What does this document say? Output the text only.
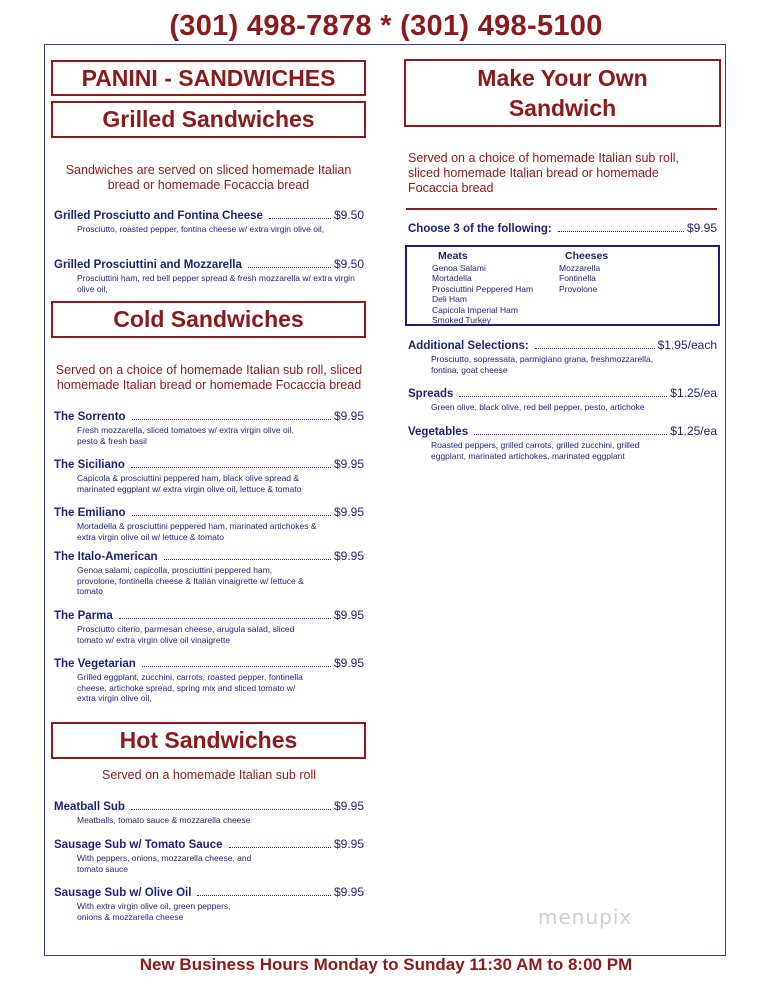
(301) 498-7878 * (301) 498-5100
PANINI - SANDWICHES
Grilled Sandwiches
Sandwiches are served on sliced homemade Italian bread or homemade Focaccia bread
Grilled Prosciutto and Fontina Cheese	$9.50
Prosciutto, roasted pepper, fontina cheese w/ extra virgin olive oil,
Grilled Prosciuttini and Mozzarella	$9.50
Prosciuttini ham, red bell pepper spread & fresh mozzarella w/ extra virgin olive oil,
Cold Sandwiches
Served on a choice of homemade Italian sub roll, sliced homemade Italian bread or homemade Focaccia bread
The Sorrento	$9.95
Fresh mozzarella, sliced tomatoes w/ extra virgin olive oil, pesto & fresh basil
The Siciliano	$9.95
Capicola & prosciuttini peppered ham, black olive spread & marinated eggplant w/ extra virgin olive oil, lettuce & tomato
The Emiliano	$9.95
Mortadella & prosciuttini peppered ham, marinated artichokes & extra virgin olive oil w/ lettuce & tomato
The Italo-American	$9.95
Genoa salami, capicolla, prosciuttini peppered ham, provolone, fontinella cheese & Italian vinaigrette w/ lettuce & tomato
The Parma	$9.95
Prosciutto citerio, parmesan cheese, arugula salad, sliced tomato w/ extra virgin olive oil vinaigrette
The Vegetarian	$9.95
Grilled eggplant, zucchini, carrots, roasted pepper, fontinella cheese, artichoke spread, spring mix and sliced tomato w/ extra virgin olive oil,
Hot Sandwiches
Served on a homemade Italian sub roll
Meatball Sub	$9.95
Meatballs, tomato sauce & mozzarella cheese
Sausage Sub w/ Tomato Sauce	$9.95
With peppers, onions, mozzarella cheese, and tomato sauce
Sausage Sub w/ Olive Oil	$9.95
With extra virgin olive oil, green peppers, onions & mozzarella cheese
Make Your Own Sandwich
Served on a choice of homemade Italian sub roll, sliced homemade Italian bread or homemade Focaccia bread
Choose 3 of the following:	$9.95
Meats
Genoa Salami
Mortadella
Prosciuttini Peppered Ham
Deli Ham
Capicola Imperial Ham
Smoked Turkey
Cheeses
Mozzarella
Fontinella
Provolone
Additional Selections:	$1.95/each
Prosciutto, sopressata, parmigiano grana, freshmozzarella, fontina, goat cheese
Spreads	$1.25/ea
Green olive, black olive, red bell pepper, pesto, artichoke
Vegetables	$1.25/ea
Roasted peppers, grilled carrots, grilled zucchini, grilled eggplant, marinated artichokes, marinated eggplant
menupix
New Business Hours Monday to Sunday 11:30 AM to 8:00 PM
